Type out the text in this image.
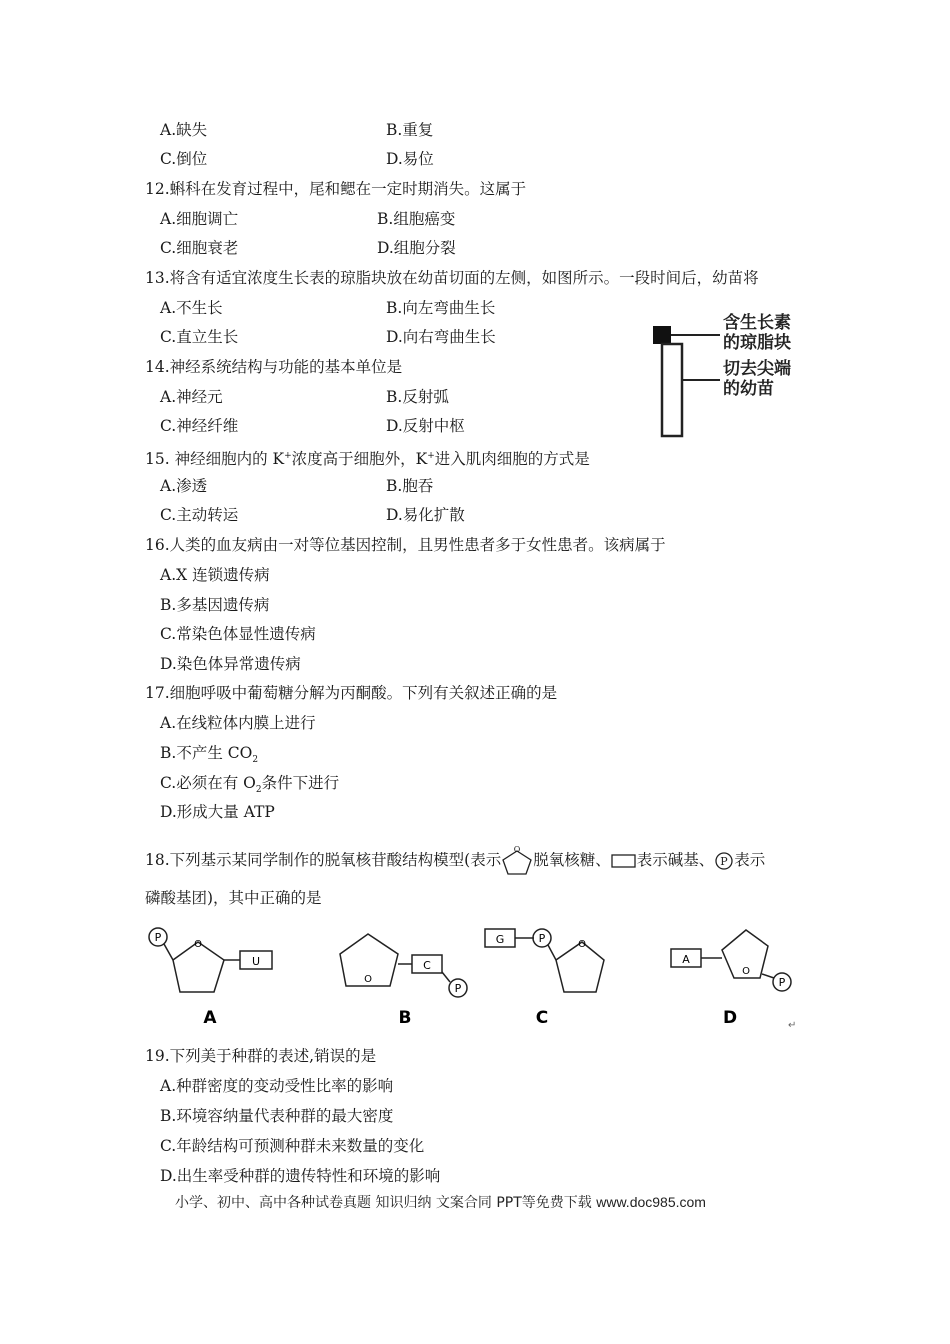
A.缺失	B.重复
C.倒位	D.易位
12.蝌科在发育过程中，尾和鳃在一定时期消失。这属于
A.细胞调亡	B.组胞癌变
C.细胞衰老	D.组胞分裂
13.将含有适宜浓度生长表的琼脂块放在幼苗切面的左侧，如图所示。一段时间后，幼苗将
A.不生长	B.向左弯曲生长
C.直立生长	D.向右弯曲生长
含生长素
的琼脂块
切去尖端
的幼苗
14.神经系统结构与功能的基本单位是
A.神经元	B.反射弧
C.神经纤维	D.反射中枢
15. 神经细胞内的 K+浓度高于细胞外，K+进入肌肉细胞的方式是
A.渗透	B.胞吞
C.主动转运	D.易化扩散
16.人类的血友病由一对等位基因控制，且男性患者多于女性患者。该病属于
A.X 连锁遗传病
B.多基因遗传病
C.常染色体显性遗传病
D.染色体异常遗传病
17.细胞呼吸中葡萄糖分解为丙酮酸。下列有关叙述正确的是
A.在线粒体内膜上进行
B.不产生 $CO_2$
C.必须在有 $O_2$条件下进行
D.形成大量 ATP
18.下列基示某同学制作的脱氧核苷酸结构模型(表示
O
脱氧核糖、 表示碱基、 P 表示
磷酸基团)，其中正确的是
P
O
U
A
O
C
P
B
G	P	O
C
A
O
P
D	↵
19.下列美于种群的表述,销误的是
A.种群密度的变动受性比率的影响
B.环境容纳量代表种群的最大密度
C.年龄结构可预测种群未来数量的变化
D.出生率受种群的遗传特性和环境的影响
小学、初中、高中各种试卷真题 知识归纳 文案合同 PPT等免费下载 www.doc985.com
